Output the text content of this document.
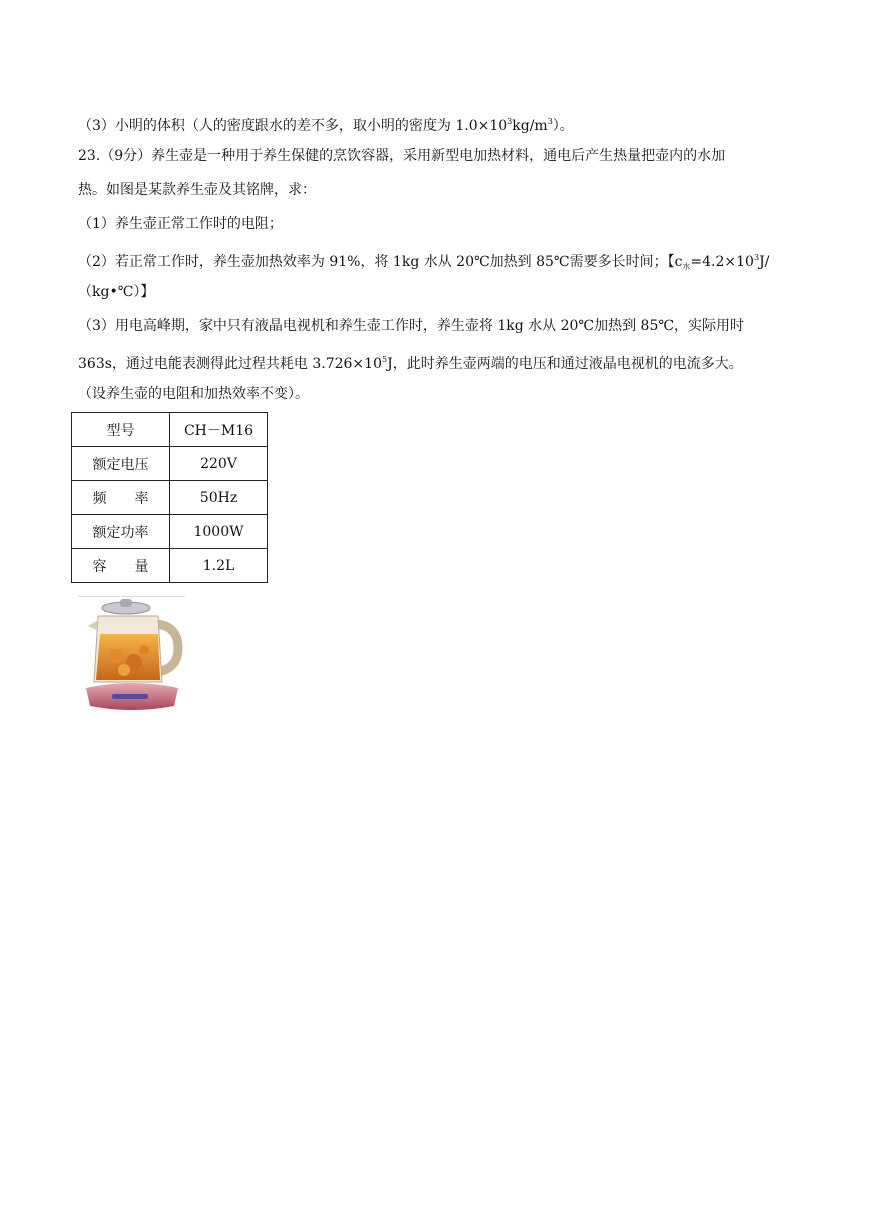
（3）小明的体积（人的密度跟水的差不多，取小明的密度为 $1.0\times 10^3kg/m^3$）。
23.（9分）养生壶是一种用于养生保健的烹饮容器，采用新型电加热材料，通电后产生热量把壶内的水加
热。如图是某款养生壶及其铭牌，求：
（1）养生壶正常工作时的电阻；
（2）若正常工作时，养生壶加热效率为 91%，将 1kg 水从 20℃加热到 85℃需要多长时间；【$c_水=4.2\times 10^3J/$
（kg•℃）】
（3）用电高峰期，家中只有液晶电视机和养生壶工作时，养生壶将 1kg 水从 20℃加热到 85℃，实际用时
363s，通过电能表测得此过程共耗电 $3.726\times 10^5J$，此时养生壶两端的电压和通过液晶电视机的电流多大。
（设养生壶的电阻和加热效率不变）。
型号	CH－M16
额定电压	220V
频　　率	50Hz
额定功率	1000W
容　　量	1.2L
